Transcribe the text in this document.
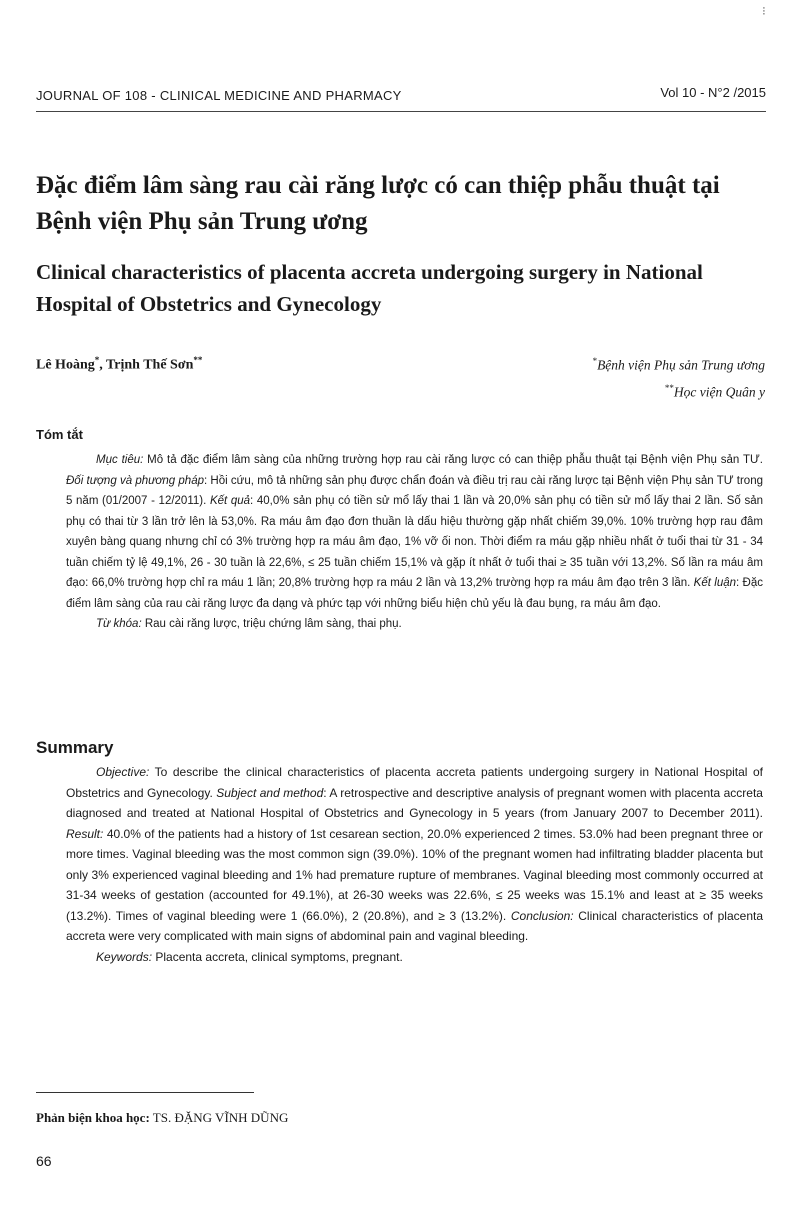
JOURNAL OF 108 - CLINICAL MEDICINE AND PHARMACY	Vol 10 - N°2 /2015
⁝
Đặc điểm lâm sàng rau cài răng lược có can thiệp phẫu thuật tại Bệnh viện Phụ sản Trung ương
Clinical characteristics of placenta accreta undergoing surgery in National Hospital of Obstetrics and Gynecology
Lê Hoàng*, Trịnh Thế Sơn**	*Bệnh viện Phụ sản Trung ương
**Học viện Quân y
Tóm tắt

Mục tiêu: Mô tả đặc điểm lâm sàng của những trường hợp rau cài răng lược có can thiệp phẫu thuật tại Bệnh viện Phụ sản TƯ. Đối tượng và phương pháp: Hồi cứu, mô tả những sản phụ được chẩn đoán và điều trị rau cài răng lược tại Bệnh viện Phụ sản TƯ trong 5 năm (01/2007 - 12/2011). Kết quả: 40,0% sản phụ có tiền sử mổ lấy thai 1 lần và 20,0% sản phụ có tiền sử mổ lấy thai 2 lần. Số sản phụ có thai từ 3 lần trở lên là 53,0%. Ra máu âm đạo đơn thuần là dấu hiệu thường gặp nhất chiếm 39,0%. 10% trường hợp rau đâm xuyên bàng quang nhưng chỉ có 3% trường hợp ra máu âm đạo, 1% vỡ ối non. Thời điểm ra máu gặp nhiều nhất ở tuổi thai từ 31 - 34 tuần chiếm tỷ lệ 49,1%, 26 - 30 tuần là 22,6%, ≤ 25 tuần chiếm 15,1% và gặp ít nhất ở tuổi thai ≥ 35 tuần với 13,2%. Số lần ra máu âm đạo: 66,0% trường hợp chỉ ra máu 1 lần; 20,8% trường hợp ra máu 2 lần và 13,2% trường hợp ra máu âm đạo trên 3 lần. Kết luận: Đặc điểm lâm sàng của rau cài răng lược đa dạng và phức tạp với những biểu hiện chủ yếu là đau bụng, ra máu âm đạo.

Từ khóa: Rau cài răng lược, triệu chứng lâm sàng, thai phụ.

Summary

Objective: To describe the clinical characteristics of placenta accreta patients undergoing surgery in National Hospital of Obstetrics and Gynecology. Subject and method: A retrospective and descriptive analysis of pregnant women with placenta accreta diagnosed and treated at National Hospital of Obstetrics and Gynecology in 5 years (from January 2007 to December 2011). Result: 40.0% of the patients had a history of 1st cesarean section, 20.0% experienced 2 times. 53.0% had been pregnant three or more times. Vaginal bleeding was the most common sign (39.0%). 10% of the pregnant women had infiltrating bladder placenta but only 3% experienced vaginal bleeding and 1% had premature rupture of membranes. Vaginal bleeding most commonly occurred at 31-34 weeks of gestation (accounted for 49.1%), at 26-30 weeks was 22.6%, ≤ 25 weeks was 15.1% and least at ≥ 35 weeks (13.2%). Times of vaginal bleeding were 1 (66.0%), 2 (20.8%), and ≥ 3 (13.2%). Conclusion: Clinical characteristics of placenta accreta were very complicated with main signs of abdominal pain and vaginal bleeding.

Keywords: Placenta accreta, clinical symptoms, pregnant.

Phản biện khoa học: TS. ĐẶNG VĨNH DŨNG
66
